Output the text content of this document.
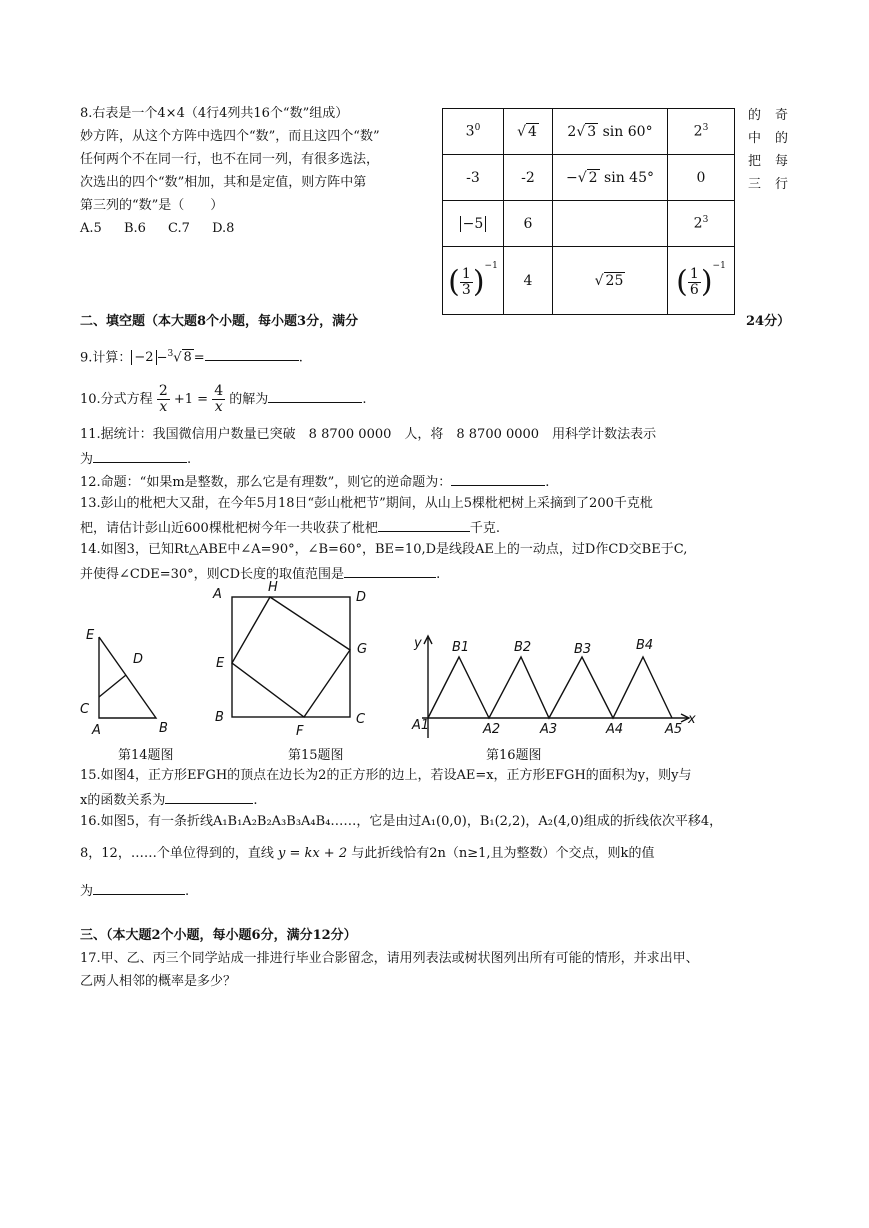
8.右表是一个4×4（4行4列共16个“数”组成）
妙方阵，从这个方阵中选四个“数”，而且这四个“数”
任何两个不在同一行，也不在同一列，有很多选法，
次选出的四个“数”相加，其和是定值，则方阵中第
第三列的“数”是（　　）
A.5 B.6 C.7 D.8
的 奇
中 的
把 每
三 行
$3^0$	√ 4	2√ 3 sin 60°	$2^3$
-3	-2	−√ 2 sin 45°	0
−5	6		$2^3$
( $\frac{1}{3} )^{-1}$	4	√ 25	( $\frac{1}{6} )^{-1}$
二、填空题（本大题8个小题，每小题3分，满分	24分）
9.计算： −2 −$^3$√ 8 =	.
10.分式方程 $\frac{2}{x} +1 = \frac{4}{x}$ 的解为	.
11.据统计：我国微信用户数量已突破　8 8700 0000　人，将　8 8700 0000　用科学计数法表示
为	.
12.命题：“如果m是整数，那么它是有理数”，则它的逆命题为：	.
13.彭山的枇杷大又甜，在今年5月18日“彭山枇杷节”期间，从山上5棵枇杷树上采摘到了200千克枇
杷，请估计彭山近600棵枇杷树今年一共收获了枇杷	千克.
14.如图3，已知Rt△ABE中∠A=90°，∠B=60°，BE=10,D是线段AE上的一动点，过D作CD交BE于C,
并使得∠CDE=30°，则CD长度的取值范围是	.
E
D
C
A	B
A	H
D
E
G
B
F
C
y
x
B1	B2	B3	B4
A1	A2	A3	A4	A5
第14题图	第15题图	第16题图
15.如图4，正方形EFGH的顶点在边长为2的正方形的边上，若设AE=x，正方形EFGH的面积为y，则y与
x的函数关系为	.
16.如图5，有一条折线A₁B₁A₂B₂A₃B₃A₄B₄……，它是由过A₁(0,0)，B₁(2,2)，A₂(4,0)组成的折线依次平移4，
8，12，……个单位得到的，直线 y = kx + 2 与此折线恰有2n（n≥1,且为整数）个交点，则k的值
为	.
三、（本大题2个小题，每小题6分，满分12分）
17.甲、乙、丙三个同学站成一排进行毕业合影留念，请用列表法或树状图列出所有可能的情形，并求出甲、
乙两人相邻的概率是多少？
